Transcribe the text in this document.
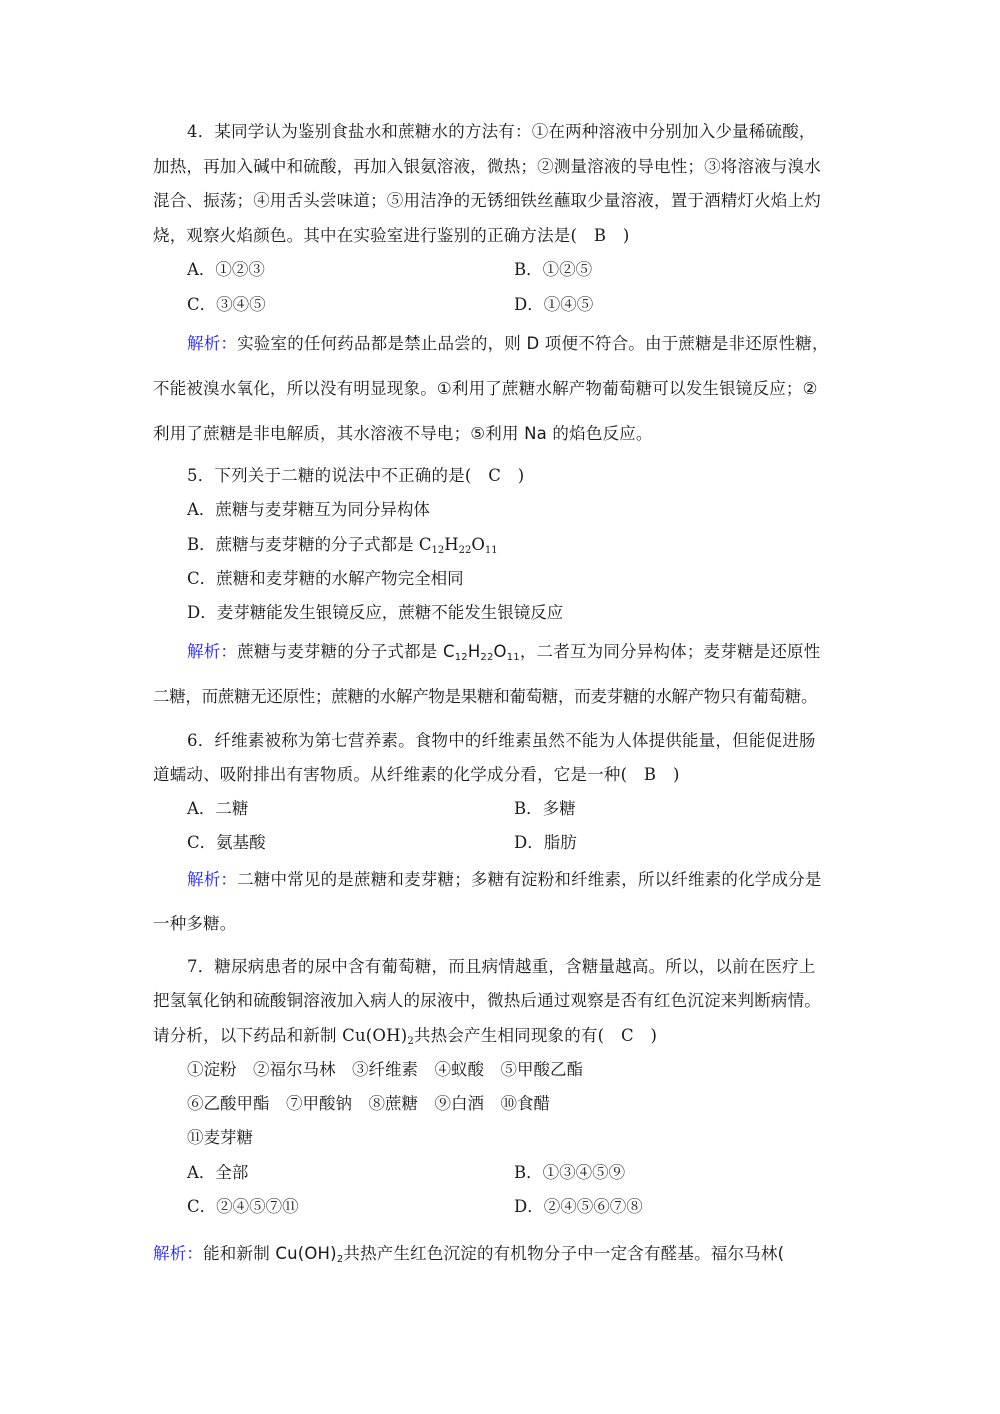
4．某同学认为鉴别食盐水和蔗糖水的方法有：①在两种溶液中分别加入少量稀硫酸，
加热，再加入碱中和硫酸，再加入银氨溶液，微热；②测量溶液的导电性；③将溶液与溴水
混合、振荡；④用舌头尝味道；⑤用洁净的无锈细铁丝蘸取少量溶液，置于酒精灯火焰上灼
烧，观察火焰颜色。其中在实验室进行鉴别的正确方法是(　B　)
A．①②③	B．①②⑤
C．③④⑤	D．①④⑤
解析：实验室的任何药品都是禁止品尝的，则 D 项便不符合。由于蔗糖是非还原性糖，
不能被溴水氧化，所以没有明显现象。①利用了蔗糖水解产物葡萄糖可以发生银镜反应；②
利用了蔗糖是非电解质，其水溶液不导电；⑤利用 Na 的焰色反应。
5．下列关于二糖的说法中不正确的是(　C　)
A．蔗糖与麦芽糖互为同分异构体
B．蔗糖与麦芽糖的分子式都是 $C_{12}H_{22}O_{11}$
C．蔗糖和麦芽糖的水解产物完全相同
D．麦芽糖能发生银镜反应，蔗糖不能发生银镜反应
解析：蔗糖与麦芽糖的分子式都是 $C_{12}H_{22}O_{11}$，二者互为同分异构体；麦芽糖是还原性
二糖，而蔗糖无还原性；蔗糖的水解产物是果糖和葡萄糖，而麦芽糖的水解产物只有葡萄糖。
6．纤维素被称为第七营养素。食物中的纤维素虽然不能为人体提供能量，但能促进肠
道蠕动、吸附排出有害物质。从纤维素的化学成分看，它是一种(　B　)
A．二糖	B．多糖
C．氨基酸	D．脂肪
解析：二糖中常见的是蔗糖和麦芽糖；多糖有淀粉和纤维素，所以纤维素的化学成分是
一种多糖。
7．糖尿病患者的尿中含有葡萄糖，而且病情越重，含糖量越高。所以，以前在医疗上
把氢氧化钠和硫酸铜溶液加入病人的尿液中，微热后通过观察是否有红色沉淀来判断病情。
请分析，以下药品和新制 $Cu(OH)_2$共热会产生相同现象的有(　C　)
①淀粉　②福尔马林　③纤维素　④蚁酸　⑤甲酸乙酯
⑥乙酸甲酯　⑦甲酸钠　⑧蔗糖　⑨白酒　⑩食醋
⑪麦芽糖
A．全部	B．①③④⑤⑨
C．②④⑤⑦⑪	D．②④⑤⑥⑦⑧
解析：能和新制 $Cu(OH)_2$共热产生红色沉淀的有机物分子中一定含有醛基。福尔马林(
